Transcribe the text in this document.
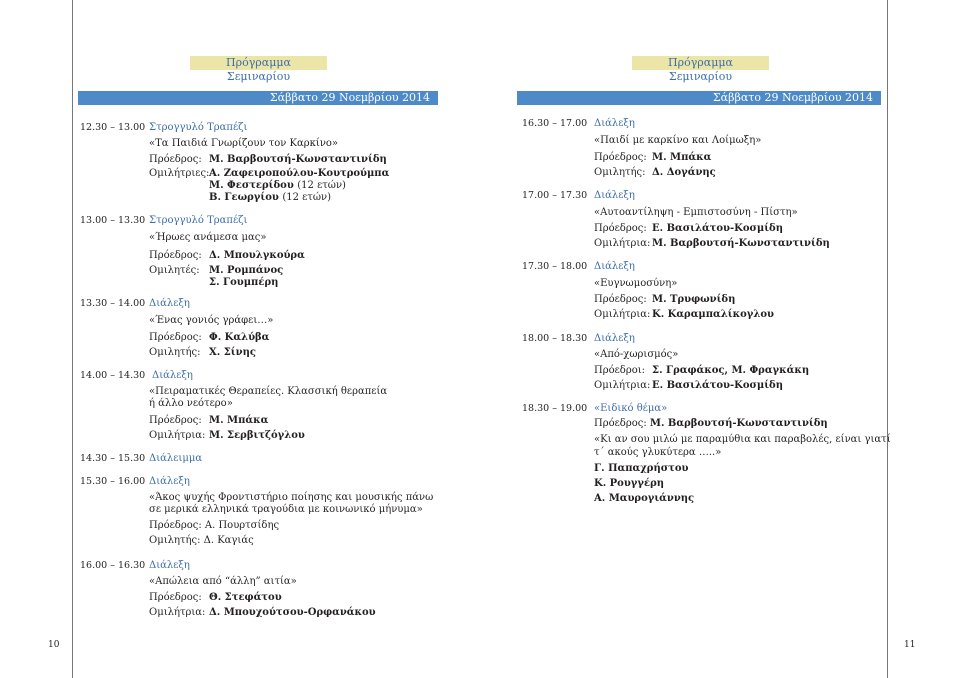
10	11
Πρόγραμμα Σεμιναρίου
Σάββατο 29 Νοεμβρίου 2014
12.30 – 13.00 Στρογγυλό Τραπέζι
«Τα Παιδιά Γνωρίζουν τον Καρκίνο»
Πρόεδρος: Μ. Βαρβουτσή-Κωνσταντινίδη
Ομιλήτριες: Α. Ζαφειροπούλου-Κουτρούμπα
Μ. Φεστερίδου (12 ετών)
Β. Γεωργίου (12 ετών)
13.00 – 13.30 Στρογγυλό Τραπέζι
«Ήρωες ανάμεσα μας»
Πρόεδρος: Δ. Μπουλγκούρα
Ομιλητές: Μ. Ρομπάνος
Σ. Γουμπέρη
13.30 – 14.00 Διάλεξη
«Ένας γονιός γράφει…»
Πρόεδρος: Φ. Καλύβα
Ομιλητής: Χ. Σίνης
14.00 – 14.30 Διάλεξη
«Πειραματικές Θεραπείες. Κλασσική θεραπεία
ή άλλο νεότερο»
Πρόεδρος: Μ. Μπάκα
Ομιλήτρια: Μ. Σερβιτζόγλου
14.30 – 15.30 Διάλειμμα
15.30 – 16.00 Διάλεξη
«Άκος ψυχής Φροντιστήριο ποίησης και μουσικής πάνω
σε μερικά ελληνικά τραγούδια με κοινωνικό μήνυμα»
Πρόεδρος: Α. Πουρτσίδης
Ομιλητής: Δ. Καγιάς
16.00 – 16.30 Διάλεξη
«Απώλεια από “άλλη” αιτία»
Πρόεδρος: Θ. Στεφάτου
Ομιλήτρια: Δ. Μπουχούτσου-Ορφανάκου
Πρόγραμμα Σεμιναρίου
Σάββατο 29 Νοεμβρίου 2014
16.30 – 17.00 Διάλεξη
«Παιδί με καρκίνο και Λοίμωξη»
Πρόεδρος: Μ. Μπάκα
Ομιλητής: Δ. Δογάνης
17.00 – 17.30 Διάλεξη
«Αυτοαντίληψη - Εμπιστοσύνη - Πίστη»
Πρόεδρος: Ε. Βασιλάτου-Κοσμίδη
Ομιλήτρια: Μ. Βαρβουτσή-Κωνσταντινίδη
17.30 – 18.00 Διάλεξη
«Ευγνωμοσύνη»
Πρόεδρος: Μ. Τρυφωνίδη
Ομιλήτρια: Κ. Καραμπαλίκογλου
18.00 – 18.30 Διάλεξη
«Από-χωρισμός»
Πρόεδροι: Σ. Γραφάκος, Μ. Φραγκάκη
Ομιλήτρια: Ε. Βασιλάτου-Κοσμίδη
18.30 – 19.00 «Ειδικό θέμα»
Πρόεδρος: Μ. Βαρβουτσή-Κωνσταντινίδη
«Κι αν σου μιλώ με παραμύθια και παραβολές, είναι γιατί
τ΄ ακούς γλυκύτερα …..»
Γ. Παπαχρήστου
Κ. Ρουγγέρη
Α. Μαυρογιάννης
